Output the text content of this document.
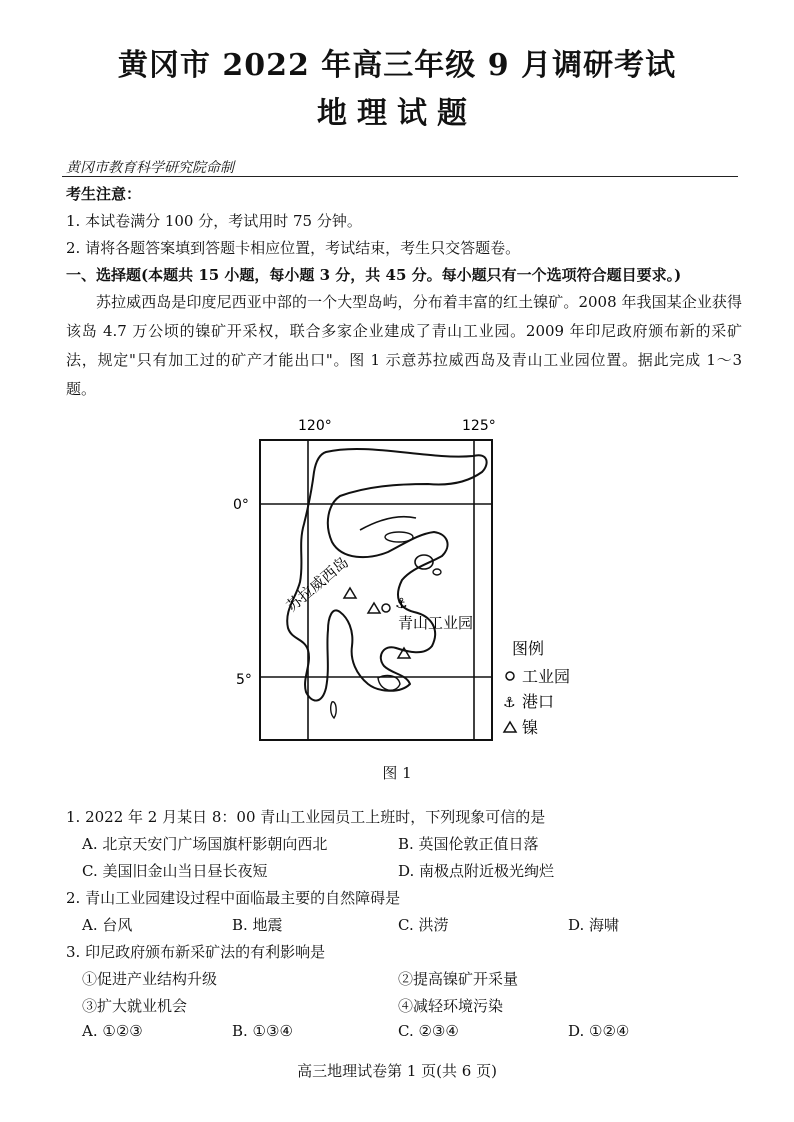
黄冈市 2022 年高三年级 9 月调研考试
地理试题
黄冈市教育科学研究院命制
考生注意：
1. 本试卷满分 100 分，考试用时 75 分钟。
2. 请将各题答案填到答题卡相应位置，考试结束，考生只交答题卷。
一、选择题(本题共 15 小题，每小题 3 分，共 45 分。每小题只有一个选项符合题目要求。)
苏拉威西岛是印度尼西亚中部的一个大型岛屿，分布着丰富的红土镍矿。2008 年我国某企业获得该岛 4.7 万公顷的镍矿开采权，联合多家企业建成了青山工业园。2009 年印尼政府颁布新的采矿法，规定"只有加工过的矿产才能出口"。图 1 示意苏拉威西岛及青山工业园位置。据此完成 1～3 题。
120°	125°
0°
5°
苏拉威西岛	⚓
青山工业园
图例
工业园
⚓ 港口
镍
图 1
1. 2022 年 2 月某日 8：00 青山工业园员工上班时，下列现象可信的是
A. 北京天安门广场国旗杆影朝向西北	B. 英国伦敦正值日落
C. 美国旧金山当日昼长夜短	D. 南极点附近极光绚烂
2. 青山工业园建设过程中面临最主要的自然障碍是
A. 台风	B. 地震	C. 洪涝	D. 海啸
3. 印尼政府颁布新采矿法的有利影响是
①促进产业结构升级	②提高镍矿开采量
③扩大就业机会	④减轻环境污染
A. ①②③	B. ①③④	C. ②③④	D. ①②④
高三地理试卷第 1 页(共 6 页)
